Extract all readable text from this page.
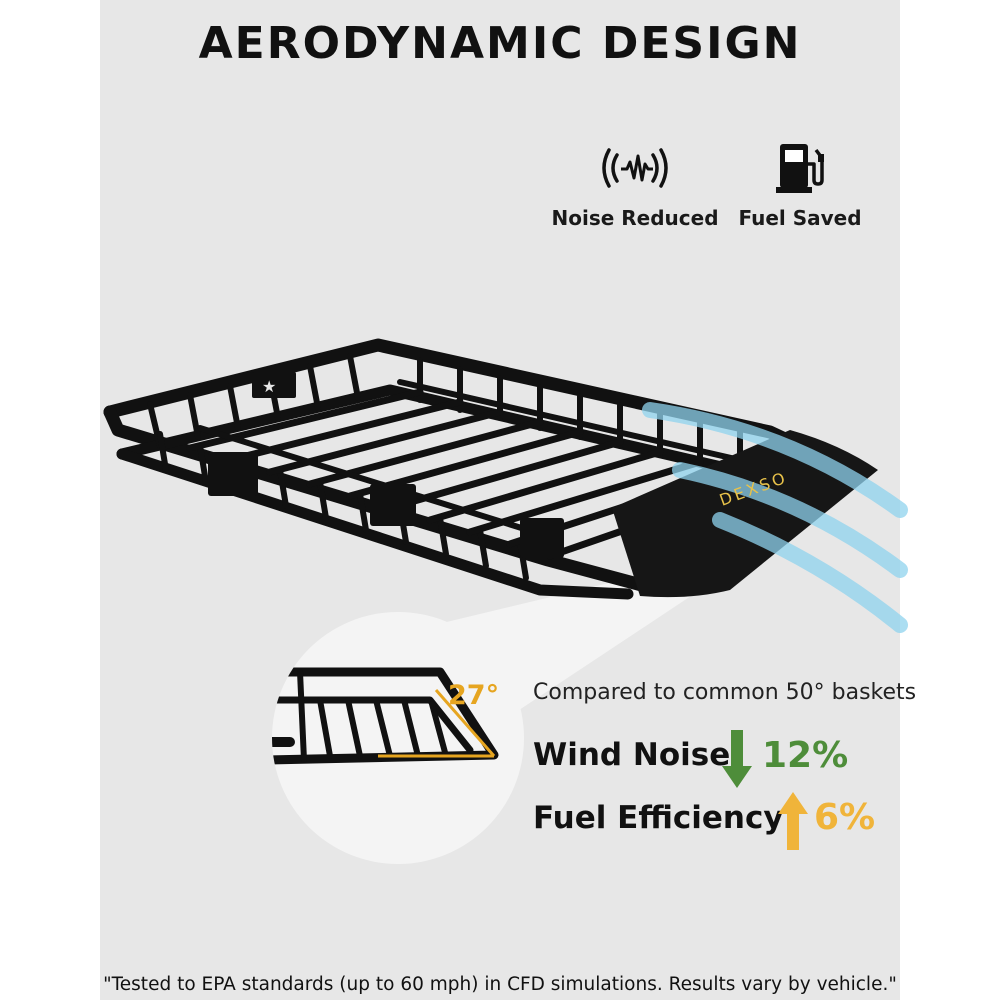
AERODYNAMIC DESIGN
Noise Reduced Fuel Saved
★
DEXSO
27° Compared to common 50° baskets
Wind Noise 12%
Fuel Efficiency 6%
"Tested to EPA standards (up to 60 mph) in CFD simulations. Results vary by vehicle."
